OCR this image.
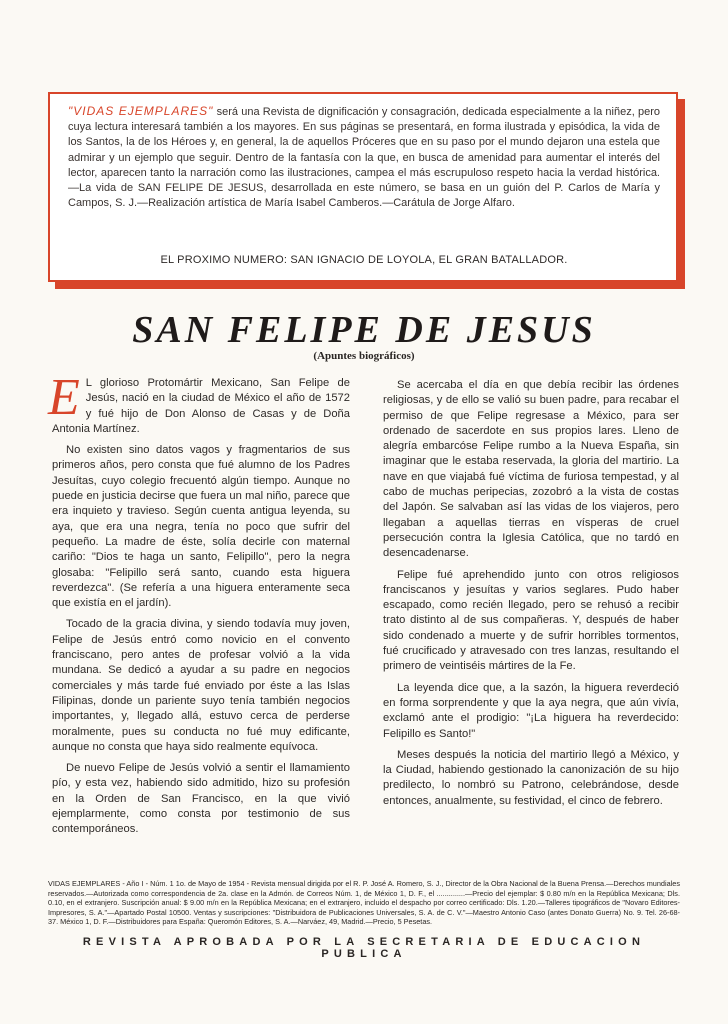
"VIDAS EJEMPLARES" será una Revista de dignificación y consagración, dedicada especialmente a la niñez, pero cuya lectura interesará también a los mayores. En sus páginas se presentará, en forma ilustrada y episódica, la vida de los Santos, la de los Héroes y, en general, la de aquellos Próceres que en su paso por el mundo dejaron una estela que admirar y un ejemplo que seguir. Dentro de la fantasía con la que, en busca de amenidad para aumentar el interés del lector, aparecen tanto la narración como las ilustraciones, campea el más escrupuloso respeto hacia la verdad histórica.—La vida de SAN FELIPE DE JESUS, desarrollada en este número, se basa en un guión del P. Carlos de María y Campos, S. J.—Realización artística de María Isabel Camberos.—Carátula de Jorge Alfaro.
EL PROXIMO NUMERO: SAN IGNACIO DE LOYOLA, EL GRAN BATALLADOR.
SAN FELIPE DE JESUS
(Apuntes biográficos)

E L glorioso Protomártir Mexicano, San Felipe de Jesús, nació en la ciudad de México el año de 1572 y fué hijo de Don Alonso de Casas y de Doña Antonia Martínez.

No existen sino datos vagos y fragmentarios de sus primeros años, pero consta que fué alumno de los Padres Jesuítas, cuyo colegio frecuentó algún tiempo. Aunque no puede en justicia decirse que fuera un mal niño, parece que era inquieto y travieso. Según cuenta antigua leyenda, su aya, que era una negra, tenía no poco que sufrir del pequeño. La madre de éste, solía decirle con maternal cariño: "Dios te haga un santo, Felipillo", pero la negra glosaba: "Felipillo será santo, cuando esta higuera reverdezca". (Se refería a una higuera enteramente seca que existía en el jardín).

Tocado de la gracia divina, y siendo todavía muy joven, Felipe de Jesús entró como novicio en el convento franciscano, pero antes de profesar volvió a la vida mundana. Se dedicó a ayudar a su padre en negocios comerciales y más tarde fué enviado por éste a las Islas Filipinas, donde un pariente suyo tenía también negocios importantes, y, llegado allá, estuvo cerca de perderse moralmente, pues su conducta no fué muy edificante, aunque no consta que haya sido realmente equívoca.

De nuevo Felipe de Jesús volvió a sentir el llamamiento pío, y esta vez, habiendo sido admitido, hizo su profesión en la Orden de San Francisco, en la que vivió ejemplarmente, como consta por testimonio de sus contemporáneos.

Se acercaba el día en que debía recibir las órdenes religiosas, y de ello se valió su buen padre, para recabar el permiso de que Felipe regresase a México, para ser ordenado de sacerdote en sus propios lares. Lleno de alegría embarcóse Felipe rumbo a la Nueva España, sin imaginar que le estaba reservada, la gloria del martirio. La nave en que viajabá fué víctima de furiosa tempestad, y al cabo de muchas peripecias, zozobró a la vista de costas del Japón. Se salvaban así las vidas de los viajeros, pero llegaban a aquellas tierras en vísperas de cruel persecución contra la Iglesia Católica, que no tardó en desencadenarse.

Felipe fué aprehendido junto con otros religiosos franciscanos y jesuítas y varios seglares. Pudo haber escapado, como recién llegado, pero se rehusó a recibir trato distinto al de sus compañeras. Y, después de haber sido condenado a muerte y de sufrir horribles tormentos, fué crucificado y atravesado con tres lanzas, resultando el primero de veintiséis mártires de la Fe.

La leyenda dice que, a la sazón, la higuera reverdeció en forma sorprendente y que la aya negra, que aún vivía, exclamó ante el prodigio: "¡La higuera ha reverdecido: Felipillo es Santo!"

Meses después la noticia del martirio llegó a México, y la Ciudad, habiendo gestionado la canonización de su hijo predilecto, lo nombró su Patrono, celebrándose, desde entonces, anualmente, su festividad, el cinco de febrero.

VIDAS EJEMPLARES - Año I - Núm. 1 1o. de Mayo de 1954 - Revista mensual dirigida por el R. P. José A. Romero, S. J., Director de la Obra Nacional de la Buena Prensa.—Derechos mundiales reservados.—Autorizada como correspondencia de 2a. clase en la Admón. de Correos Núm. 1, de México 1, D. F., el ..............—Precio del ejemplar: $ 0.80 m/n en la República Mexicana; Dls. 0.10, en el extranjero. Suscripción anual: $ 9.00 m/n en la República Mexicana; en el extranjero, incluido el despacho por correo certificado: Dls. 1.20.—Talleres tipográficos de "Novaro Editores-Impresores, S. A."—Apartado Postal 10500. Ventas y suscripciones: "Distribuidora de Publicaciones Universales, S. A. de C. V."—Maestro Antonio Caso (antes Donato Guerra) No. 9. Tel. 26-68-37. México 1, D. F.—Distribuidores para España: Queromón Editores, S. A.—Narváez, 49, Madrid.—Precio, 5 Pesetas.
REVISTA APROBADA POR LA SECRETARIA DE EDUCACION PUBLICA
